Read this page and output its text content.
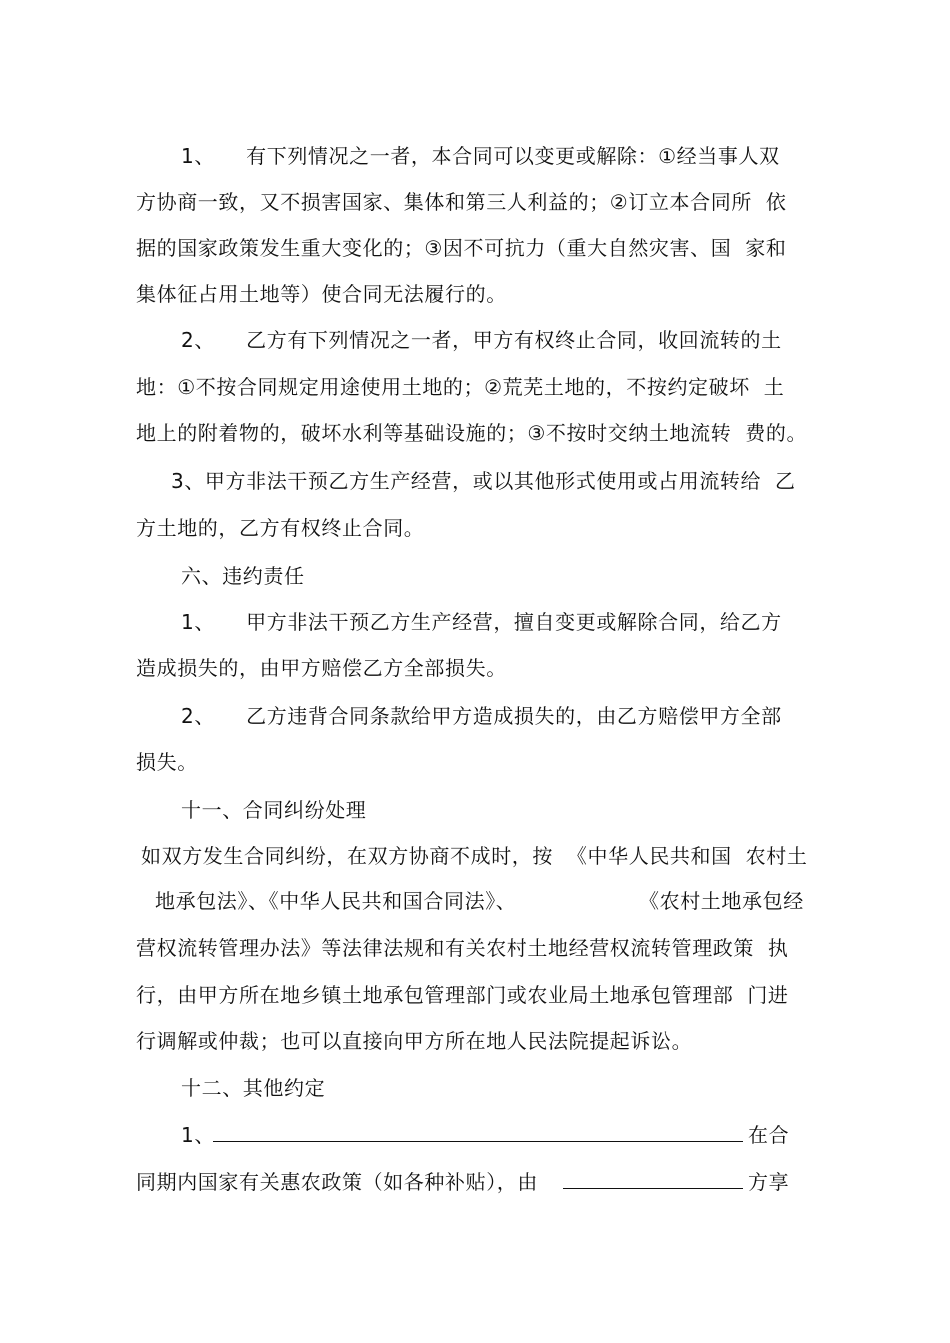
1、　　有下列情况之一者，本合同可以变更或解除：①经当事人双
方协商一致，又不损害国家、集体和第三人利益的；②订立本合同所  依
据的国家政策发生重大变化的；③因不可抗力（重大自然灾害、国  家和
集体征占用土地等）使合同无法履行的。
2、　　乙方有下列情况之一者，甲方有权终止合同，收回流转的土
地：①不按合同规定用途使用土地的；②荒芜土地的，不按约定破坏  土
地上的附着物的，破坏水利等基础设施的；③不按时交纳土地流转  费的。
3、甲方非法干预乙方生产经营，或以其他形式使用或占用流转给  乙
方土地的，乙方有权终止合同。
六、违约责任
1、　　甲方非法干预乙方生产经营，擅自变更或解除合同，给乙方
造成损失的，由甲方赔偿乙方全部损失。
2、　　乙方违背合同条款给甲方造成损失的，由乙方赔偿甲方全部
损失。
十一、合同纠纷处理
如双方发生合同纠纷，在双方协商不成时，按  《中华人民共和国  农村土
地承包法》、《中华人民共和国合同法》、	《农村土地承包经
营权流转管理办法》等法律法规和有关农村土地经营权流转管理政策  执
行，由甲方所在地乡镇土地承包管理部门或农业局土地承包管理部  门进
行调解或仲裁；也可以直接向甲方所在地人民法院提起诉讼。
十二、其他约定
1、	在合
同期内国家有关惠农政策（如各种补贴），由	方享
